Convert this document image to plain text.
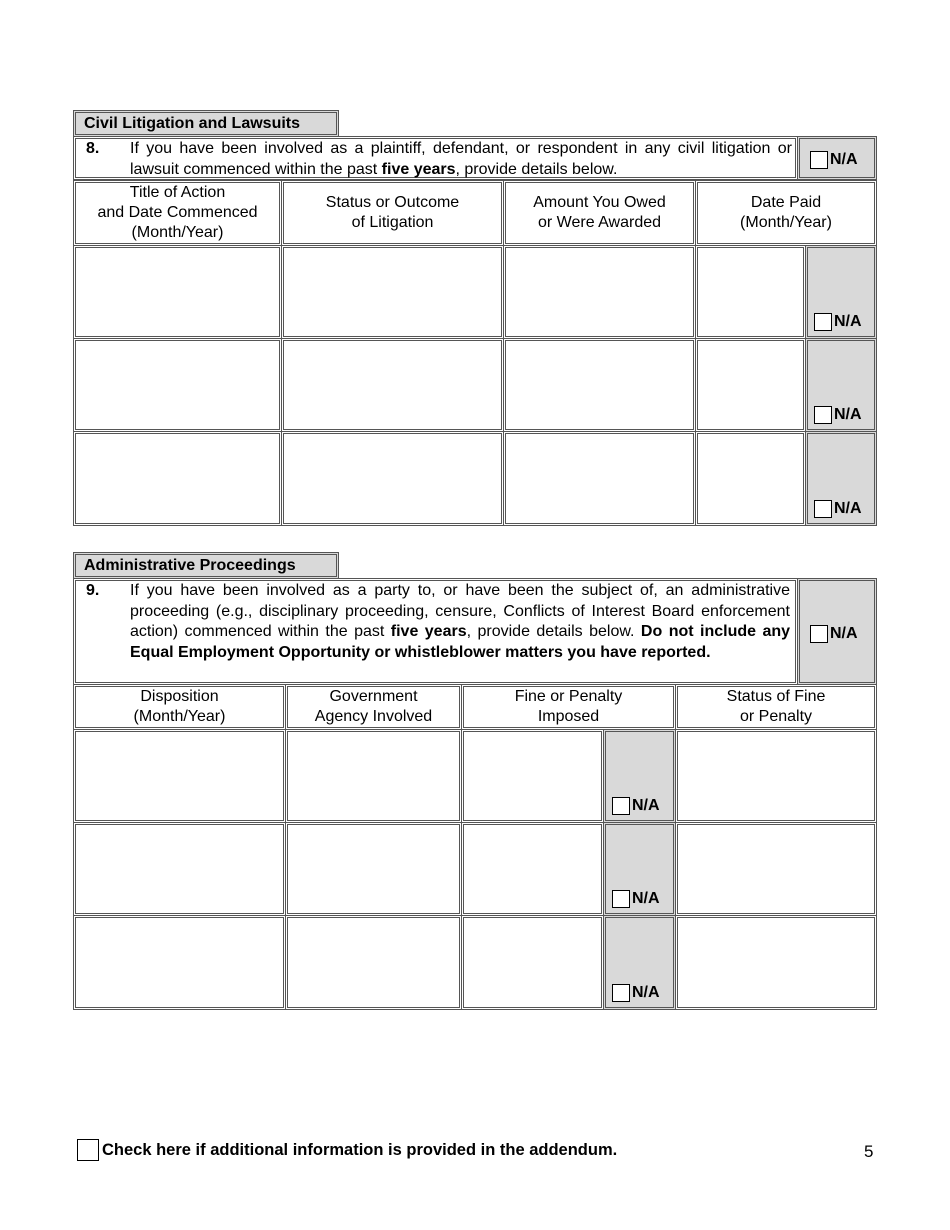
Civil Litigation and Lawsuits
8. If you have been involved as a plaintiff, defendant, or respondent in any civil litigation or lawsuit commenced within the past five years, provide details below.
N/A
Title of Action
and Date Commenced
(Month/Year)
Status or Outcome
of Litigation
Amount You Owed
or Were Awarded
Date Paid
(Month/Year)
N/A
N/A
N/A
Administrative Proceedings
9. If you have been involved as a party to, or have been the subject of, an administrative proceeding (e.g., disciplinary proceeding, censure, Conflicts of Interest Board enforcement action) commenced within the past five years, provide details below. Do not include any Equal Employment Opportunity or whistleblower matters you have reported.
N/A
Disposition
(Month/Year)
Government
Agency Involved
Fine or Penalty
Imposed
Status of Fine
or Penalty
N/A
N/A
N/A
Check here if additional information is provided in the addendum.	5
